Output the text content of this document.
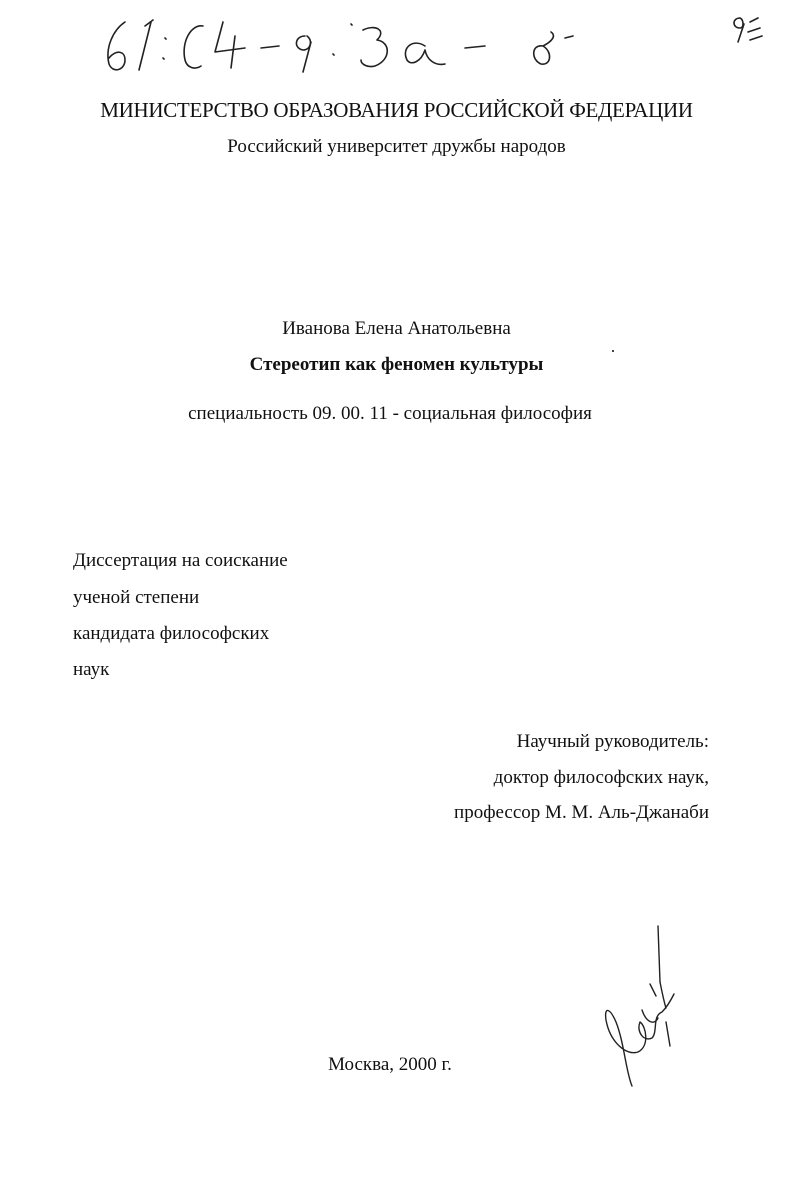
МИНИСТЕРСТВО ОБРАЗОВАНИЯ РОССИЙСКОЙ ФЕДЕРАЦИИ
Российский университет дружбы народов
Иванова Елена Анатольевна
Стереотип как феномен культуры
специальность 09. 00. 11 - социальная философия
Диссертация на соискание
ученой степени
кандидата философских
наук
Научный руководитель:
доктор философских наук,
профессор М. М. Аль-Джанаби
Москва, 2000 г.
